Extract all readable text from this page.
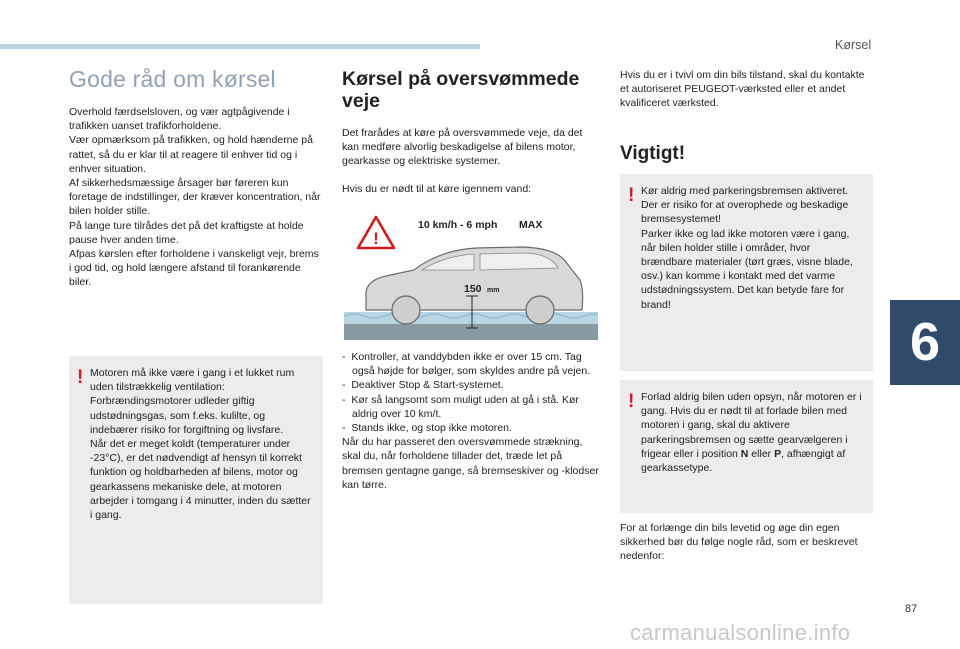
Kørsel
6
87
carmanualsonline.info
Gode råd om kørsel

Overhold færdselsloven, og vær agtpågivende i trafikken uanset trafikforholdene.
Vær opmærksom på trafikken, og hold hænderne på rattet, så du er klar til at reagere til enhver tid og i enhver situation.
Af sikkerhedsmæssige årsager bør føreren kun foretage de indstillinger, der kræver koncentration, når bilen holder stille.
På lange ture tilrådes det på det kraftigste at holde pause hver anden time.
Afpas kørslen efter forholdene i vanskeligt vejr, brems i god tid, og hold længere afstand til forankørende biler.

! Motoren må ikke være i gang i et lukket rum uden tilstrækkelig ventilation: Forbrændingsmotorer udleder giftig udstødningsgas, som f.eks. kulilte, og indebærer risiko for forgiftning og livsfare.
Når det er meget koldt (temperaturer under -23°C), er det nødvendigt af hensyn til korrekt funktion og holdbarheden af bilens, motor og gearkassens mekaniske dele, at motoren arbejder i tomgang i 4 minutter, inden du sætter i gang.
Kørsel på oversvømmede veje

Det frarådes at køre på oversvømmede veje, da det kan medføre alvorlig beskadigelse af bilens motor, gearkasse og elektriske systemer.

Hvis du er nødt til at køre igennem vand:

!
10 km/h - 6 mph MAX
150 mm
-  Kontroller, at vanddybden ikke er over 15 cm. Tag også højde for bølger, som skyldes andre på vejen.
-  Deaktiver Stop & Start-systemet.
-  Kør så langsomt som muligt uden at gå i stå. Kør aldrig over 10 km/t.
-  Stands ikke, og stop ikke motoren.

Når du har passeret den oversvømmede strækning, skal du, når forholdene tillader det, træde let på bremsen gentagne gange, så bremseskiver og -klodser kan tørre.

Hvis du er i tvivl om din bils tilstand, skal du kontakte et autoriseret PEUGEOT-værksted eller et andet kvalificeret værksted.

Vigtigt!
! Kør aldrig med parkeringsbremsen aktiveret. Der er risiko for at overophede og beskadige bremsesystemet!
Parker ikke og lad ikke motoren være i gang, når bilen holder stille i områder, hvor brændbare materialer (tørt græs, visne blade, osv.) kan komme i kontakt med det varme udstødningssystem. Det kan betyde fare for brand!
! Forlad aldrig bilen uden opsyn, når motoren er i gang. Hvis du er nødt til at forlade bilen med motoren i gang, skal du aktivere parkeringsbremsen og sætte gearvælgeren i frigear eller i position N eller P, afhængigt af gearkassetype.

For at forlænge din bils levetid og øge din egen sikkerhed bør du følge nogle råd, som er beskrevet nedenfor:
